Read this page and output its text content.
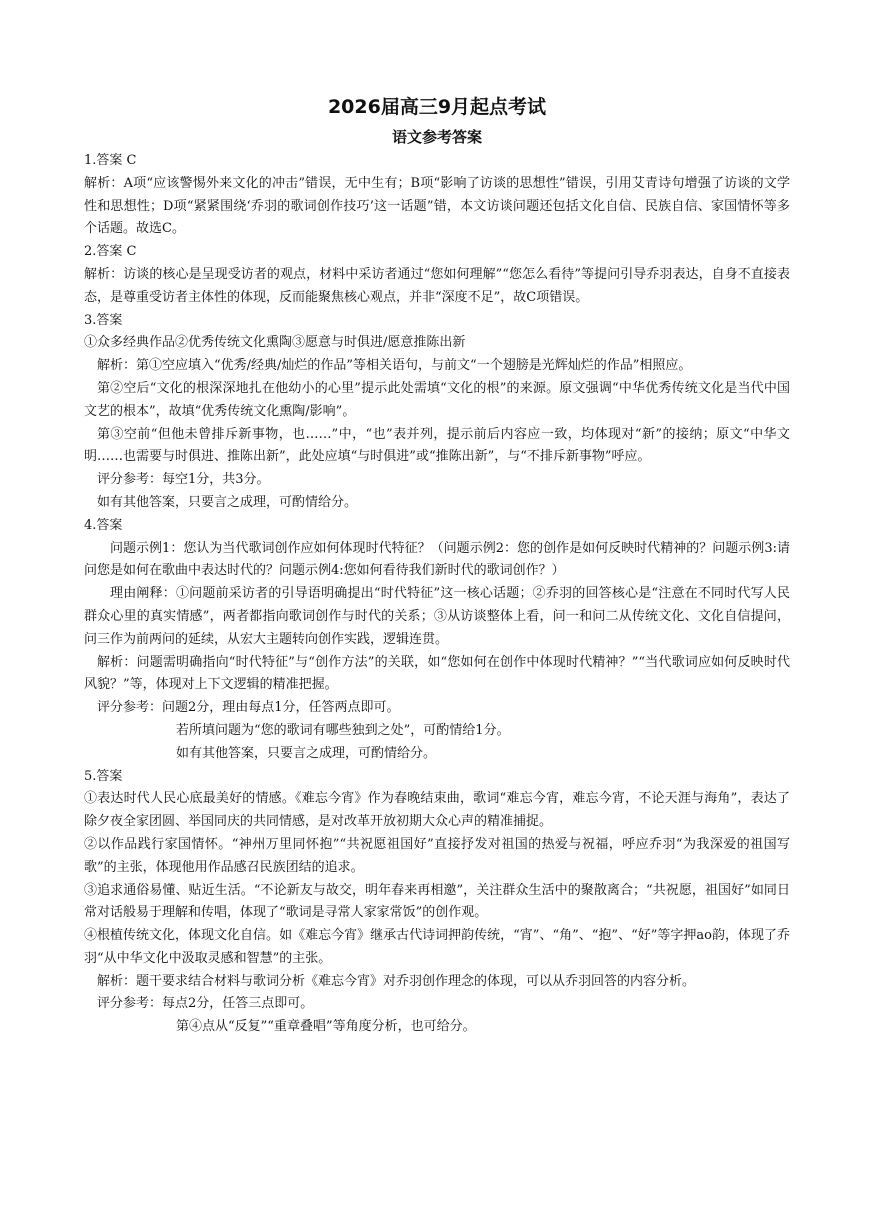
2026届高三9月起点考试
语文参考答案

1.答案 C

解析：A项“应该警惕外来文化的冲击”错误，无中生有；B项“影响了访谈的思想性”错误，引用艾青诗句增强了访谈的文学性和思想性；D项“紧紧围绕‘乔羽的歌词创作技巧’这一话题”错，本文访谈问题还包括文化自信、民族自信、家国情怀等多个话题。故选C。

2.答案 C

解析：访谈的核心是呈现受访者的观点，材料中采访者通过“您如何理解”“您怎么看待”等提问引导乔羽表达，自身不直接表态，是尊重受访者主体性的体现，反而能聚焦核心观点，并非“深度不足”，故C项错误。

3.答案

①众多经典作品②优秀传统文化熏陶③愿意与时俱进/愿意推陈出新

解析：第①空应填入“优秀/经典/灿烂的作品”等相关语句，与前文“一个翅膀是光辉灿烂的作品”相照应。

第②空后“文化的根深深地扎在他幼小的心里”提示此处需填“文化的根”的来源。原文强调“中华优秀传统文化是当代中国文艺的根本”，故填“优秀传统文化熏陶/影响”。

第③空前“但他未曾排斥新事物，也……”中，“也”表并列，提示前后内容应一致，均体现对“新”的接纳；原文“中华文明……也需要与时俱进、推陈出新”，此处应填“与时俱进”或“推陈出新”，与“不排斥新事物”呼应。

评分参考：每空1分，共3分。

如有其他答案，只要言之成理，可酌情给分。

4.答案

问题示例1：您认为当代歌词创作应如何体现时代特征？（问题示例2：您的创作是如何反映时代精神的？问题示例3:请问您是如何在歌曲中表达时代的？问题示例4:您如何看待我们新时代的歌词创作？）

理由阐释：①问题前采访者的引导语明确提出“时代特征”这一核心话题；②乔羽的回答核心是“注意在不同时代写人民群众心里的真实情感”，两者都指向歌词创作与时代的关系；③从访谈整体上看，问一和问二从传统文化、文化自信提问，问三作为前两问的延续，从宏大主题转向创作实践，逻辑连贯。

解析：问题需明确指向“时代特征”与“创作方法”的关联，如“您如何在创作中体现时代精神？”“当代歌词应如何反映时代风貌？”等，体现对上下文逻辑的精准把握。

评分参考：问题2分，理由每点1分，任答两点即可。

若所填问题为“您的歌词有哪些独到之处”，可酌情给1分。

如有其他答案，只要言之成理，可酌情给分。

5.答案

①表达时代人民心底最美好的情感。《难忘今宵》作为春晚结束曲，歌词“难忘今宵，难忘今宵，不论天涯与海角”，表达了除夕夜全家团圆、举国同庆的共同情感，是对改革开放初期大众心声的精准捕捉。

②以作品践行家国情怀。“神州万里同怀抱”“共祝愿祖国好”直接抒发对祖国的热爱与祝福，呼应乔羽“为我深爱的祖国写歌”的主张，体现他用作品感召民族团结的追求。

③追求通俗易懂、贴近生活。“不论新友与故交，明年春来再相邀”，关注群众生活中的聚散离合；“共祝愿，祖国好”如同日常对话般易于理解和传唱，体现了“歌词是寻常人家家常饭”的创作观。

④根植传统文化，体现文化自信。如《难忘今宵》继承古代诗词押韵传统，“宵”、“角”、“抱”、“好”等字押ao韵，体现了乔羽“从中华文化中汲取灵感和智慧”的主张。

解析：题干要求结合材料与歌词分析《难忘今宵》对乔羽创作理念的体现，可以从乔羽回答的内容分析。

评分参考：每点2分，任答三点即可。

第④点从“反复”“重章叠唱”等角度分析，也可给分。
